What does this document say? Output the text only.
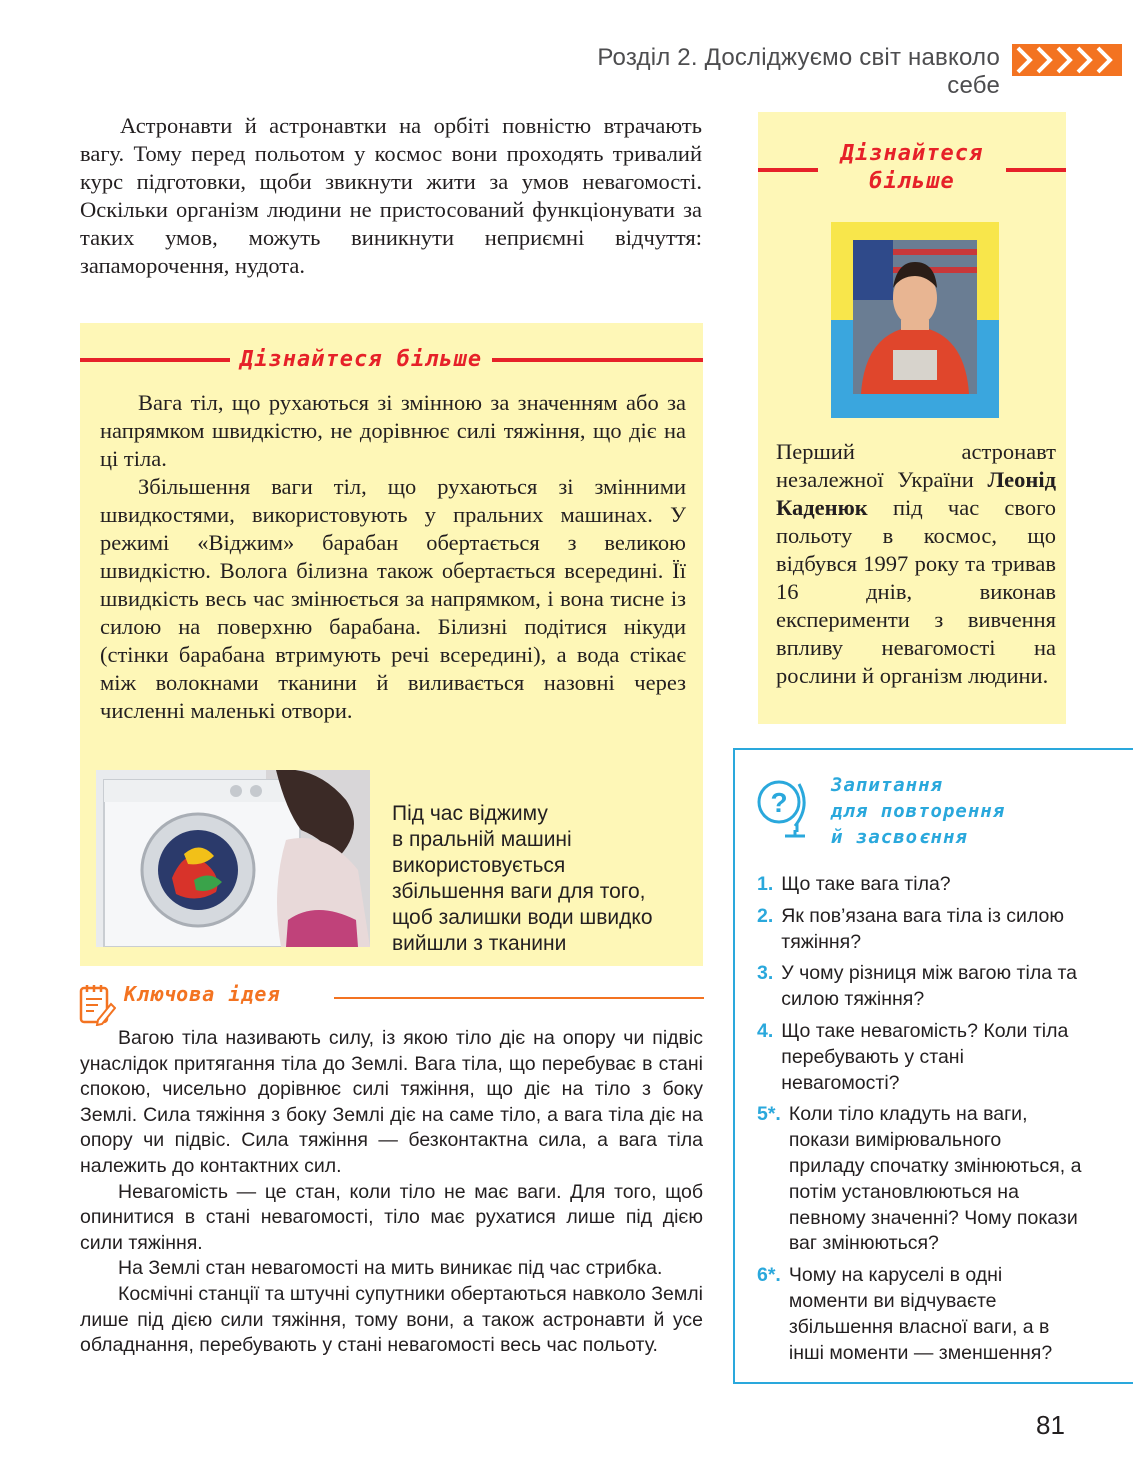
Розділ 2. Досліджуємо світ навколо себе

Астронавти й астронавтки на орбіті повністю втрачають вагу. Тому перед польотом у космос вони проходять тривалий курс підготовки, щоби звикнути жити за умов невагомості. Оскільки організм людини не пристосований функціонувати за таких умов, можуть виникнути неприємні відчуття: запаморочення, нудота.

Дізнайтеся більше

Вага тіл, що рухаються зі змінною за значенням або за напрямком швидкістю, не дорівнює силі тяжіння, що діє на ці тіла.

Збільшення ваги тіл, що рухаються зі змінними швидкостями, використовують у пральних машинах. У режимі «Віджим» барабан обертається з великою швидкістю. Волога білизна також обертається всередині. Її швидкість весь час змінюється за напрямком, і вона тисне із силою на поверхню барабана. Білизні подітися нікуди (стінки барабана втримують речі всередині), а вода стікає між волокнами тканини й виливається назовні через численні маленькі отвори.

Під час віджиму
в пральній машині
використовується
збільшення ваги для того,
щоб залишки води швидко
вийшли з тканини
Ключова ідея

Вагою тіла називають силу, із якою тіло діє на опору чи підвіс унаслідок притягання тіла до Землі. Вага тіла, що перебуває в стані спокою, чисельно дорівнює силі тяжіння, що діє на тіло з боку Землі. Сила тяжіння з боку Землі діє на саме тіло, а вага тіла діє на опору чи підвіс. Сила тяжіння — безконтактна сила, а вага тіла належить до контактних сил.

Невагомість — це стан, коли тіло не має ваги. Для того, щоб опинитися в стані невагомості, тіло має рухатися лише під дією сили тяжіння.

На Землі стан невагомості на мить виникає під час стрибка.

Космічні станції та штучні супутники обертаються навколо Землі лише під дією сили тяжіння, тому вони, а також астронавти й усе обладнання, перебувають у стані невагомості весь час польоту.

Дізнайтеся
більше

Перший астронавт незалежної України Леонід Каденюк під час свого польоту в космос, що відбувся 1997 року та тривав 16 днів, виконав експерименти з вивчення впливу невагомості на рослини й організм людини.

?
Запитання
для повторення
й засвоєння
1. Що таке вага тіла?
2. Як пов’язана вага тіла із силою тяжіння?
3. У чому різниця між вагою тіла та силою тяжіння?
4. Що таке невагомість? Коли тіла перебувають у стані невагомості?
5*. Коли тіло кладуть на ваги, покази вимірювального приладу спочатку змінюються, а потім установлюються на певному значенні? Чому покази ваг змінюються?
6*. Чому на каруселі в одні моменти ви відчуваєте збільшення власної ваги, а в інші моменти — зменшення?
81
